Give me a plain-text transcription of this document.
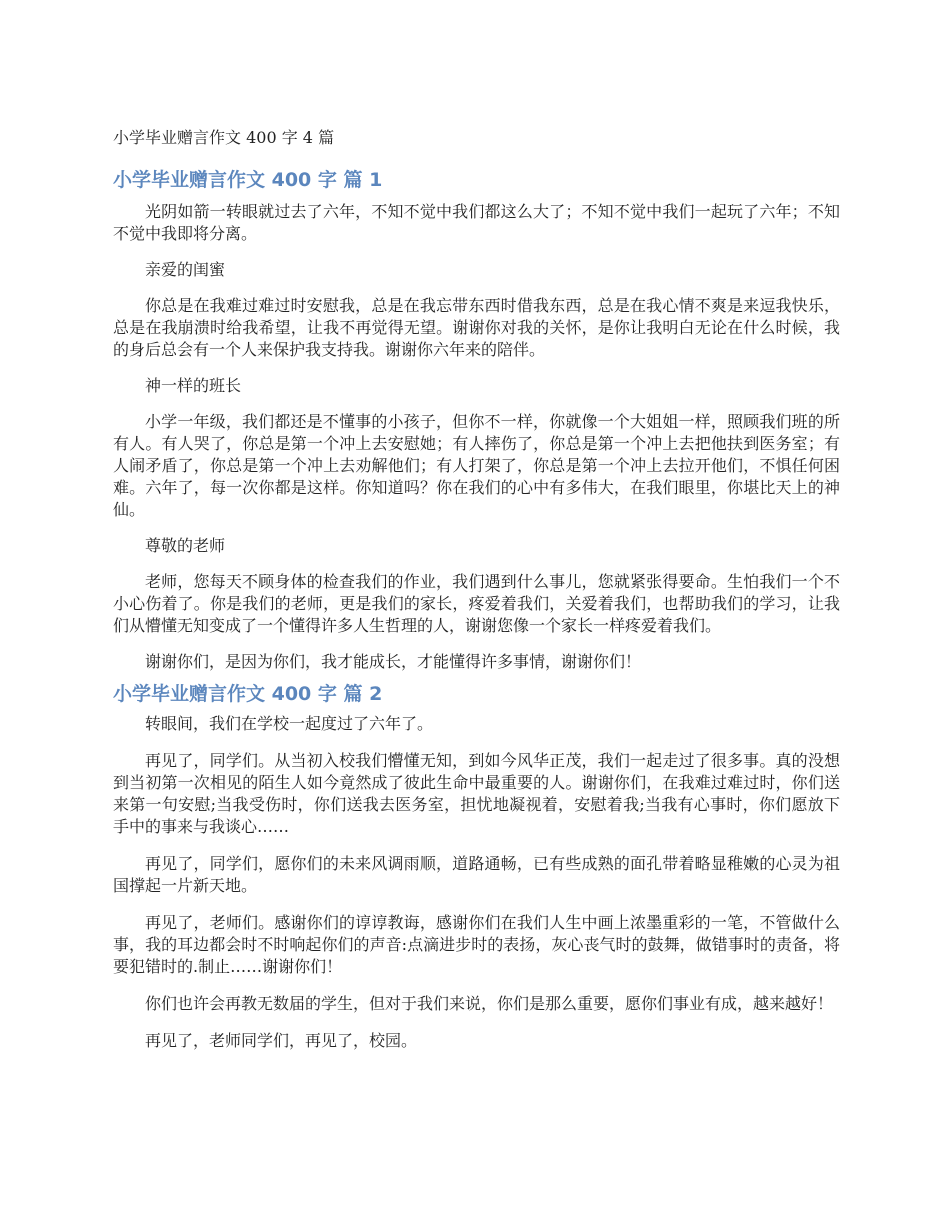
小学毕业赠言作文 400 字 4 篇
小学毕业赠言作文 400 字 篇 1

光阴如箭一转眼就过去了六年，不知不觉中我们都这么大了；不知不觉中我们一起玩了六年；不知不觉中我即将分离。

亲爱的闺蜜

你总是在我难过难过时安慰我，总是在我忘带东西时借我东西，总是在我心情不爽是来逗我快乐，总是在我崩溃时给我希望，让我不再觉得无望。谢谢你对我的关怀，是你让我明白无论在什么时候，我的身后总会有一个人来保护我支持我。谢谢你六年来的陪伴。

神一样的班长

小学一年级，我们都还是不懂事的小孩子，但你不一样，你就像一个大姐姐一样，照顾我们班的所有人。有人哭了，你总是第一个冲上去安慰她；有人摔伤了，你总是第一个冲上去把他扶到医务室；有人闹矛盾了，你总是第一个冲上去劝解他们；有人打架了，你总是第一个冲上去拉开他们，不惧任何困难。六年了，每一次你都是这样。你知道吗？你在我们的心中有多伟大，在我们眼里，你堪比天上的神仙。

尊敬的老师

老师，您每天不顾身体的检查我们的作业，我们遇到什么事儿，您就紧张得要命。生怕我们一个不小心伤着了。你是我们的老师，更是我们的家长，疼爱着我们，关爱着我们，也帮助我们的学习，让我们从懵懂无知变成了一个懂得许多人生哲理的人，谢谢您像一个家长一样疼爱着我们。

谢谢你们，是因为你们，我才能成长，才能懂得许多事情，谢谢你们！

小学毕业赠言作文 400 字 篇 2

转眼间，我们在学校一起度过了六年了。

再见了，同学们。从当初入校我们懵懂无知，到如今风华正茂，我们一起走过了很多事。真的没想到当初第一次相见的陌生人如今竟然成了彼此生命中最重要的人。谢谢你们，在我难过难过时，你们送来第一句安慰;当我受伤时，你们送我去医务室，担忧地凝视着，安慰着我;当我有心事时，你们愿放下手中的事来与我谈心……

再见了，同学们，愿你们的未来风调雨顺，道路通畅，已有些成熟的面孔带着略显稚嫩的心灵为祖国撑起一片新天地。

再见了，老师们。感谢你们的谆谆教诲，感谢你们在我们人生中画上浓墨重彩的一笔，不管做什么事，我的耳边都会时不时响起你们的声音:点滴进步时的表扬，灰心丧气时的鼓舞，做错事时的责备，将要犯错时的.制止……谢谢你们！

你们也许会再教无数届的学生，但对于我们来说，你们是那么重要，愿你们事业有成，越来越好！

再见了，老师同学们，再见了，校园。
